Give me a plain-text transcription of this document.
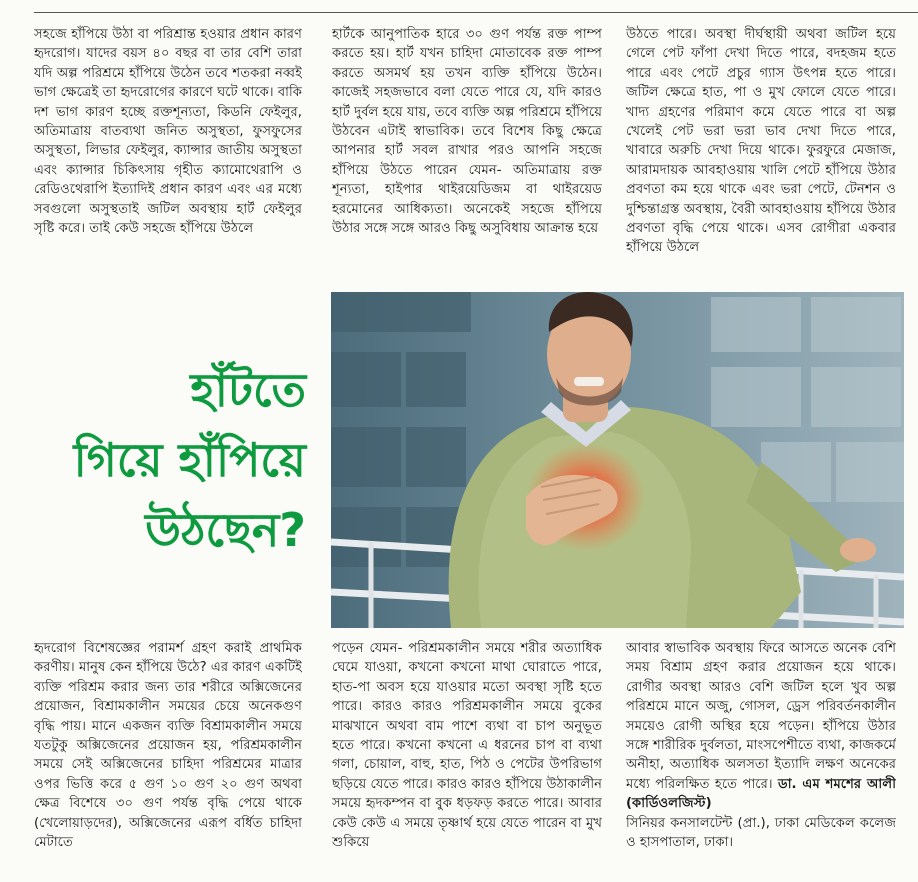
সহজে হাঁপিয়ে উঠা বা পরিশ্রান্ত হওয়ার প্রধান কারণ হৃদরোগ। যাদের বয়স ৪০ বছর বা তার বেশি তারা যদি অল্প পরিশ্রমে হাঁপিয়ে উঠেন তবে শতকরা নব্বই ভাগ ক্ষেত্রেই তা হৃদরোগের কারণে ঘটে থাকে। বাকি দশ ভাগ কারণ হচ্ছে রক্তশূন্যতা, কিডনি ফেইলুর, অতিমাত্রায় বাতব্যথা জনিত অসুস্থতা, ফুসফুসের অসুস্থতা, লিভার ফেইলুর, ক্যান্সার জাতীয় অসুস্থতা এবং ক্যান্সার চিকিৎসায় গৃহীত ক্যামোথেরাপি ও রেডিওথেরাপি ইত্যাদিই প্রধান কারণ এবং এর মধ্যে সবগুলো অসুস্থতাই জটিল অবস্থায় হার্ট ফেইলুর সৃষ্টি করে। তাই কেউ সহজে হাঁপিয়ে উঠলে

হার্টকে আনুপাতিক হারে ৩০ গুণ পর্যন্ত রক্ত পাম্প করতে হয়। হার্ট যখন চাহিদা মোতাবেক রক্ত পাম্প করতে অসমর্থ হয় তখন ব্যক্তি হাঁপিয়ে উঠেন। কাজেই সহজভাবে বলা যেতে পারে যে, যদি কারও হার্ট দুর্বল হয়ে যায়, তবে ব্যক্তি অল্প পরিশ্রমে হাঁপিয়ে উঠবেন এটাই স্বাভাবিক। তবে বিশেষ কিছু ক্ষেত্রে আপনার হার্ট সবল রাখার পরও আপনি সহজে হাঁপিয়ে উঠতে পারেন যেমন- অতিমাত্রায় রক্ত শূন্যতা, হাইপার থাইরয়েডিজম বা থাইরয়েড হরমোনের আধিক্যতা। অনেকেই সহজে হাঁপিয়ে উঠার সঙ্গে সঙ্গে আরও কিছু অসুবিধায় আক্রান্ত হয়ে

উঠতে পারে। অবস্থা দীর্ঘস্থায়ী অথবা জটিল হয়ে গেলে পেট ফাঁপা দেখা দিতে পারে, বদহজম হতে পারে এবং পেটে প্রচুর গ্যাস উৎপন্ন হতে পারে। জটিল ক্ষেত্রে হাত, পা ও মুখ ফোলে যেতে পারে। খাদ্য গ্রহণের পরিমাণ কমে যেতে পারে বা অল্প খেলেই পেট ভরা ভরা ভাব দেখা দিতে পারে, খাবারে অরুচি দেখা দিয়ে থাকে। ফুরফুরে মেজাজ, আরামদায়ক আবহাওয়ায় খালি পেটে হাঁপিয়ে উঠার প্রবণতা কম হয়ে থাকে এবং ভরা পেটে, টেনশন ও দুশ্চিন্তাগ্রস্ত অবস্থায়, বৈরী আবহাওয়ায় হাঁপিয়ে উঠার প্রবণতা বৃদ্ধি পেয়ে থাকে। এসব রোগীরা একবার হাঁপিয়ে উঠলে

হাঁটতে
গিয়ে হাঁপিয়ে
উঠছেন?

হৃদরোগ বিশেষজ্ঞের পরামর্শ গ্রহণ করাই প্রাথমিক করণীয়। মানুষ কেন হাঁপিয়ে উঠে? এর কারণ একটিই ব্যক্তি পরিশ্রম করার জন্য তার শরীরে অক্সিজেনের প্রয়োজন, বিশ্রামকালীন সময়ের চেয়ে অনেকগুণ বৃদ্ধি পায়। মানে একজন ব্যক্তি বিশ্রামকালীন সময়ে যতটুকু অক্সিজেনের প্রয়োজন হয়, পরিশ্রমকালীন সময়ে সেই অক্সিজেনের চাহিদা পরিশ্রমের মাত্রার ওপর ভিত্তি করে ৫ গুণ ১০ গুণ ২০ গুণ অথবা ক্ষেত্র বিশেষে ৩০ গুণ পর্যন্ত বৃদ্ধি পেয়ে থাকে (খেলোয়াড়দের), অক্সিজেনের এরূপ বর্ধিত চাহিদা মেটাতে

পড়েন যেমন- পরিশ্রমকালীন সময়ে শরীর অত্যাধিক ঘেমে যাওয়া, কখনো কখনো মাথা ঘোরাতে পারে, হাত-পা অবস হয়ে যাওয়ার মতো অবস্থা সৃষ্টি হতে পারে। কারও কারও পরিশ্রমকালীন সময়ে বুকের মাঝখানে অথবা বাম পাশে ব্যথা বা চাপ অনুভূত হতে পারে। কখনো কখনো এ ধরনের চাপ বা ব্যথা গলা, চোয়াল, বাহু, হাত, পিঠ ও পেটের উপরিভাগ ছড়িয়ে যেতে পারে। কারও কারও হাঁপিয়ে উঠাকালীন সময়ে হৃদকম্পন বা বুক ধড়ফড় করতে পারে। আবার কেউ কেউ এ সময়ে তৃষ্ণার্থ হয়ে যেতে পারেন বা মুখ শুকিয়ে

আবার স্বাভাবিক অবস্থায় ফিরে আসতে অনেক বেশি সময় বিশ্রাম গ্রহণ করার প্রয়োজন হয়ে থাকে। রোগীর অবস্থা আরও বেশি জটিল হলে খুব অল্প পরিশ্রমে মানে অজু, গোসল, ড্রেস পরিবর্তনকালীন সময়েও রোগী অস্থির হয়ে পড়েন। হাঁপিয়ে উঠার সঙ্গে শারীরিক দুর্বলতা, মাংসপেশীতে ব্যথা, কাজকর্মে অনীহা, অত্যাধিক অলসতা ইত্যাদি লক্ষণ অনেকের মধ্যে পরিলক্ষিত হতে পারে। ডা. এম শমশের আলী (কার্ডিওলজিস্ট)
সিনিয়র কনসালটেন্ট (প্রা.), ঢাকা মেডিকেল কলেজ ও হাসপাতাল, ঢাকা।
